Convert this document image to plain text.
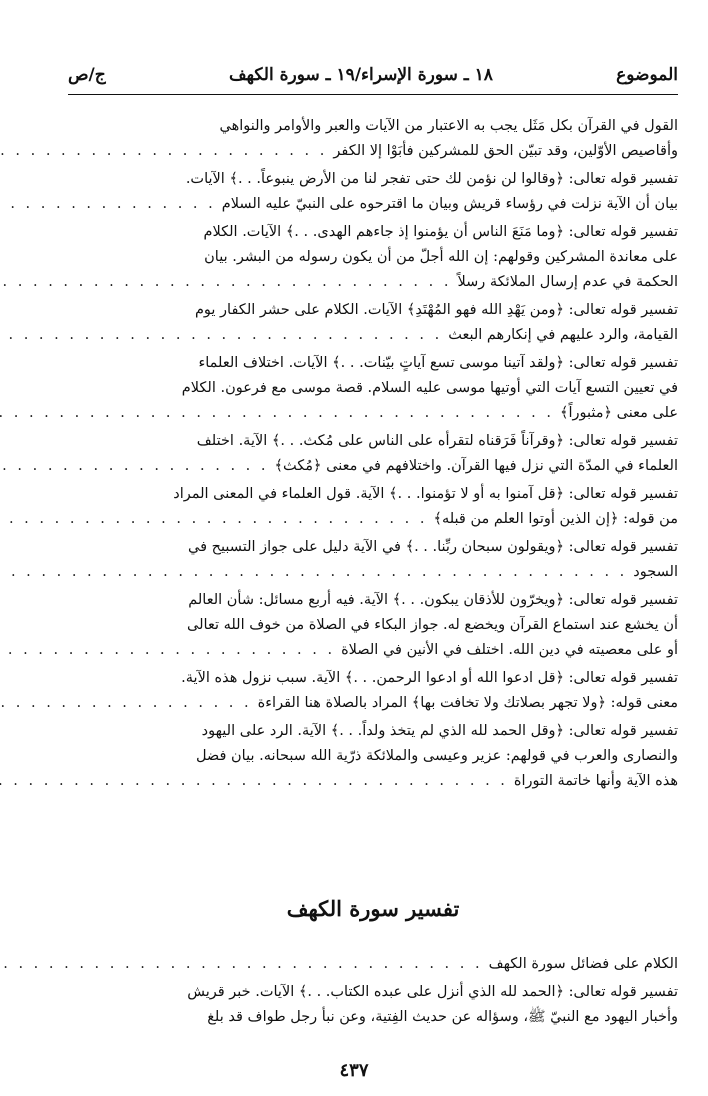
الموضوع
١٨ ـ سورة الإسراء/١٩ ـ سورة الكهف
ج/ص
القول في القرآن بكل مَثَل يجب به الاعتبار من الآيات والعبر والأوامر والنواهي
وأقاصيص الأوّلين، وقد تبيّن الحق للمشركين فأبَوْا إلا الكفر
. . .
تفسير قوله تعالى: ﴿وقالوا لن نؤمن لك حتى تفجر لنا من الأرض ينبوعاً. . .﴾ الآيات.
بيان أن الآية نزلت في رؤساء قريش وبيان ما اقترحوه على النبيّ عليه السلام
. . .
تفسير قوله تعالى: ﴿وما مَنَعَ الناس أن يؤمنوا إذ جاءهم الهدى. . .﴾ الآيات. الكلام
على معاندة المشركين وقولهم: إن الله أجلّ من أن يكون رسوله من البشر. بيان
الحكمة في عدم إرسال الملائكة رسلاً
. . .
تفسير قوله تعالى: ﴿ومن يَهْدِ الله فهو المُهْتَدِ﴾ الآيات. الكلام على حشر الكفار يوم
القيامة، والرد عليهم في إنكارهم البعث
. . .
تفسير قوله تعالى: ﴿ولقد آتينا موسى تسع آياتٍ بيّنات. . .﴾ الآيات. اختلاف العلماء
في تعيين التسع آيات التي أوتيها موسى عليه السلام. قصة موسى مع فرعون. الكلام
على معنى ﴿مثبوراً﴾
. . .
تفسير قوله تعالى: ﴿وقرآناً فَرَقناه لتقرأه على الناس على مُكث. . .﴾ الآية. اختلف
العلماء في المدّة التي نزل فيها القرآن. واختلافهم في معنى ﴿مُكث﴾
. . .
تفسير قوله تعالى: ﴿قل آمنوا به أو لا تؤمنوا. . .﴾ الآية. قول العلماء في المعنى المراد
من قوله: ﴿إن الذين أوتوا العلم من قبله﴾
. . .
تفسير قوله تعالى: ﴿ويقولون سبحان ربِّنا. . .﴾ في الآية دليل على جواز التسبيح في
السجود
. . .
تفسير قوله تعالى: ﴿ويخرّون للأذقان يبكون. . .﴾ الآية. فيه أربع مسائل: شأن العالم
أن يخشع عند استماع القرآن ويخضع له. جواز البكاء في الصلاة من خوف الله تعالى
أو على معصيته في دين الله. اختلف في الأنين في الصلاة
. . .
تفسير قوله تعالى: ﴿قل ادعوا الله أو ادعوا الرحمن. . .﴾ الآية. سبب نزول هذه الآية.
معنى قوله: ﴿ولا تجهر بصلاتك ولا تخافت بها﴾ المراد بالصلاة هنا القراءة
. . .
تفسير قوله تعالى: ﴿وقل الحمد لله الذي لم يتخذ ولداً. . .﴾ الآية. الرد على اليهود
والنصارى والعرب في قولهم: عزير وعيسى والملائكة ذرّية الله سبحانه. بيان فضل
هذه الآية وأنها خاتمة التوراة
. . .
تفسير سورة الكهف
الكلام على فضائل سورة الكهف
. . .
تفسير قوله تعالى: ﴿الحمد لله الذي أنزل على عبده الكتاب. . .﴾ الآيات. خبر قريش
وأخبار اليهود مع النبيّ ﷺ، وسؤاله عن حديث الفِتية، وعن نبأ رجل طواف قد بلغ
٤٣٧
